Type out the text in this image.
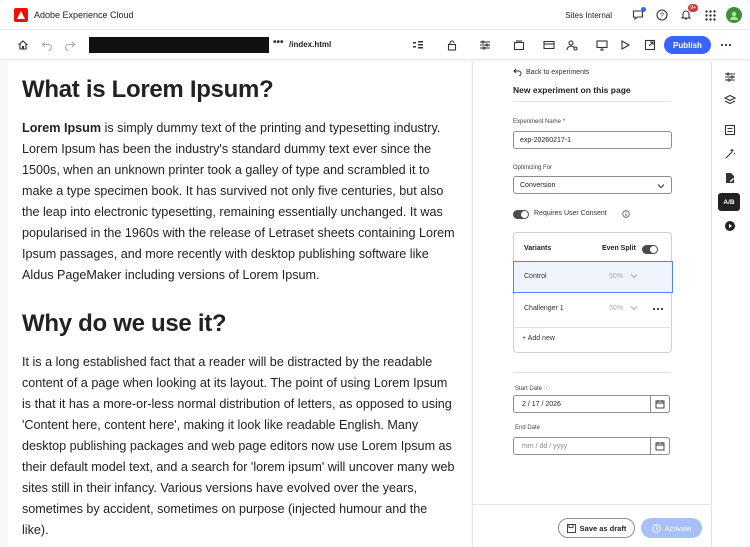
Adobe Experience Cloud	Sites Internal	?
9+
••• /index.html	Publish
What is Lorem Ipsum?

Lorem Ipsum is simply dummy text of the printing and typesetting industry. Lorem Ipsum has been the industry's standard dummy text ever since the 1500s, when an unknown printer took a galley of type and scrambled it to make a type specimen book. It has survived not only five centuries, but also the leap into electronic typesetting, remaining essentially unchanged. It was popularised in the 1960s with the release of Letraset sheets containing Lorem Ipsum passages, and more recently with desktop publishing software like Aldus PageMaker including versions of Lorem Ipsum.

Why do we use it?

It is a long established fact that a reader will be distracted by the readable content of a page when looking at its layout. The point of using Lorem Ipsum is that it has a more-or-less normal distribution of letters, as opposed to using 'Content here, content here', making it look like readable English. Many desktop publishing packages and web page editors now use Lorem Ipsum as their default model text, and a search for 'lorem ipsum' will uncover many web sites still in their infancy. Various versions have evolved over the years, sometimes by accident, sometimes on purpose (injected humour and the like).

Back to experiments
New experiment on this page
Experiment Name *
exp-20260217-1
Optimizing For
Conversion
Requires User Consent
Variants	Even Split
Control	50%
Challenger 1	50%
+ Add new
Start Date ⓘ
2 / 17 / 2026
End Date
mm / dd / yyyy
Save as draft	Activate
A/B
